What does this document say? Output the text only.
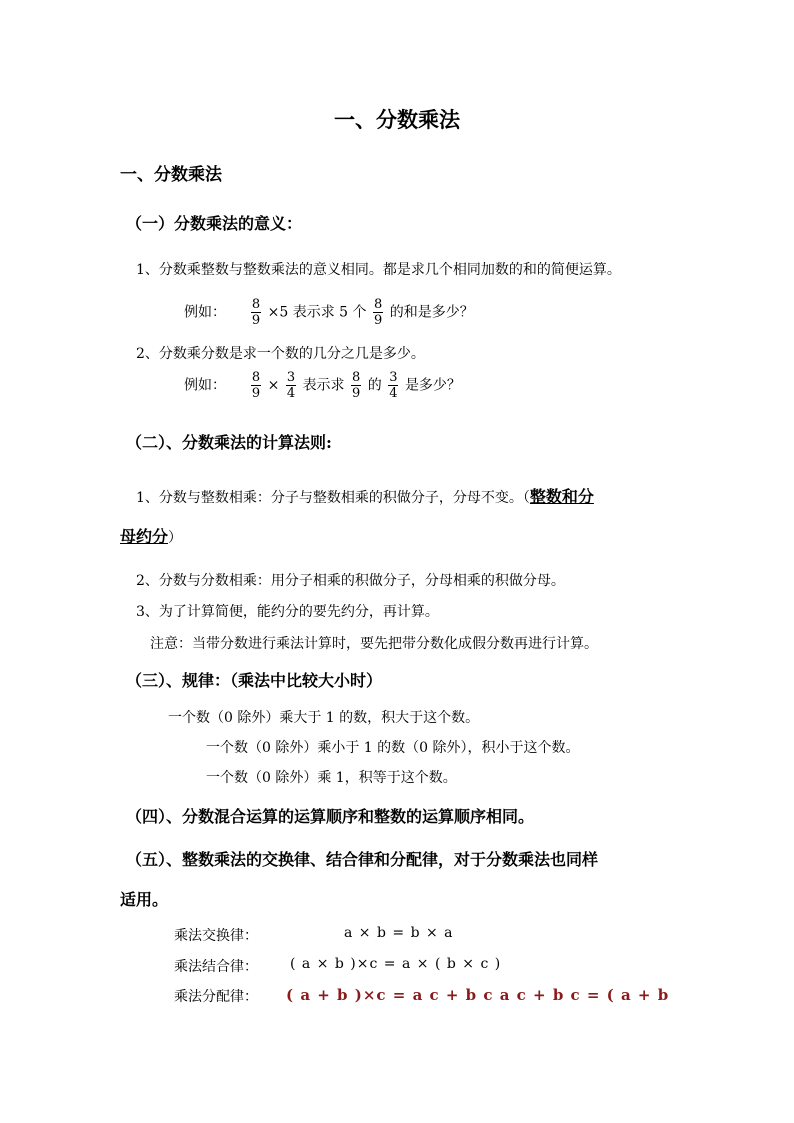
一、分数乘法
一、分数乘法
（一）分数乘法的意义：
1、分数乘整数与整数乘法的意义相同。都是求几个相同加数的和的简便运算。
例如： $\frac{8}{9} \times 5$ 表示求 5 个 $\frac{8}{9}$ 的和是多少？
2、分数乘分数是求一个数的几分之几是多少。
例如： $\frac{8}{9} \times \frac{3}{4}$ 表示求 $\frac{8}{9}$ 的 $\frac{3}{4}$ 是多少？
（二）、分数乘法的计算法则:
1、分数与整数相乘：分子与整数相乘的积做分子，分母不变。（整数和分
母约分）
2、分数与分数相乘：用分子相乘的积做分子，分母相乘的积做分母。
3、为了计算简便，能约分的要先约分，再计算。
注意：当带分数进行乘法计算时，要先把带分数化成假分数再进行计算。
（三）、规律：（乘法中比较大小时）
一个数（0 除外）乘大于 1 的数，积大于这个数。
一个数（0 除外）乘小于 1 的数（0 除外），积小于这个数。
一个数（0 除外）乘 1，积等于这个数。
（四）、分数混合运算的运算顺序和整数的运算顺序相同。
（五）、整数乘法的交换律、结合律和分配律，对于分数乘法也同样
适用。
乘法交换律：	a × b = b × a
乘法结合律： ( a × b )×c = a × ( b × c )
乘法分配律： ( a + b )×c = a c + b c a c + b c = ( a + b
